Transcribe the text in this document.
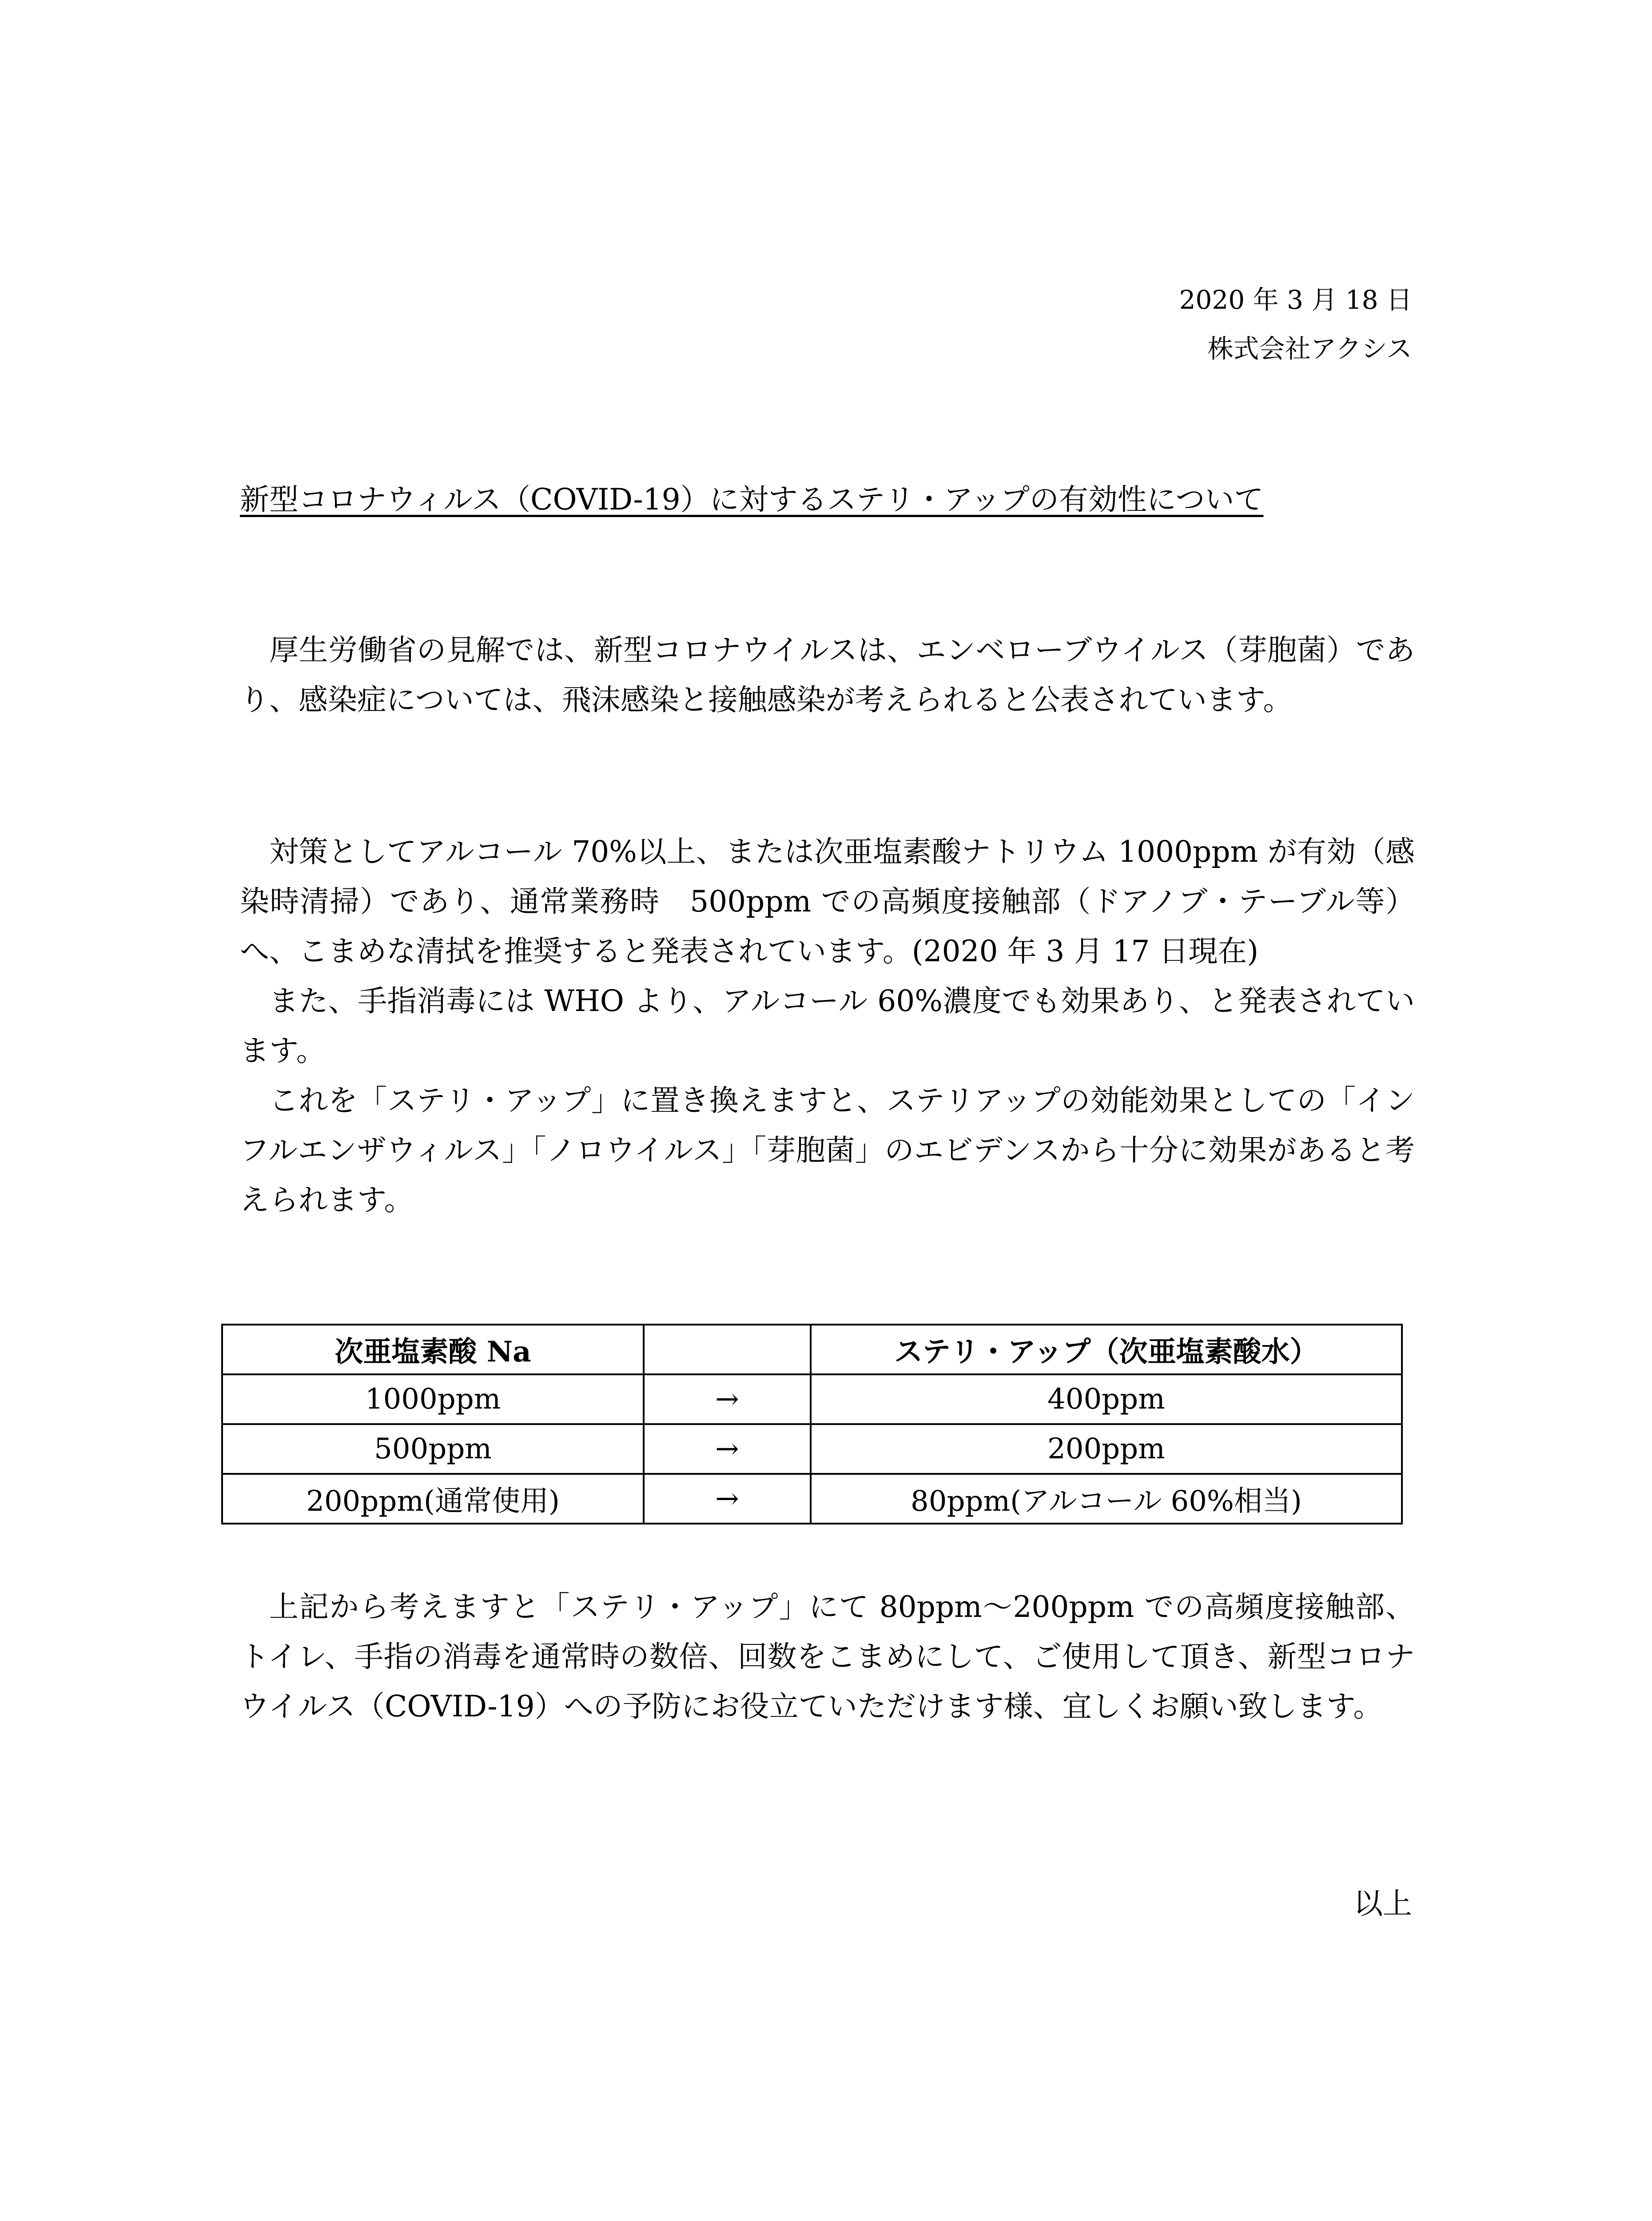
2020 年 3 月 18 日
株式会社アクシス
新型コロナウィルス（COVID-19）に対するステリ・アップの有効性について

厚生労働省の見解では、新型コロナウイルスは、エンベローブウイルス（芽胞菌）であり、感染症については、飛沫感染と接触感染が考えられると公表されています。

対策としてアルコール 70%以上、または次亜塩素酸ナトリウム 1000ppm が有効（感染時清掃）であり、通常業務時　500ppm での高頻度接触部（ドアノブ・テーブル等）へ、こまめな清拭を推奨すると発表されています。(2020 年 3 月 17 日現在)

また、手指消毒には WHO より、アルコール 60%濃度でも効果あり、と発表されています。

これを「ステリ・アップ」に置き換えますと、ステリアップの効能効果としての「インフルエンザウィルス」「ノロウイルス」「芽胞菌」のエビデンスから十分に効果があると考えられます。

次亜塩素酸 Na		ステリ・アップ（次亜塩素酸水）
1000ppm	→	400ppm
500ppm	→	200ppm
200ppm(通常使用)	→	80ppm(アルコール 60%相当)

上記から考えますと「ステリ・アップ」にて 80ppm～200ppm での高頻度接触部、トイレ、手指の消毒を通常時の数倍、回数をこまめにして、ご使用して頂き、新型コロナウイルス（COVID-19）への予防にお役立ていただけます様、宜しくお願い致します。

以上
